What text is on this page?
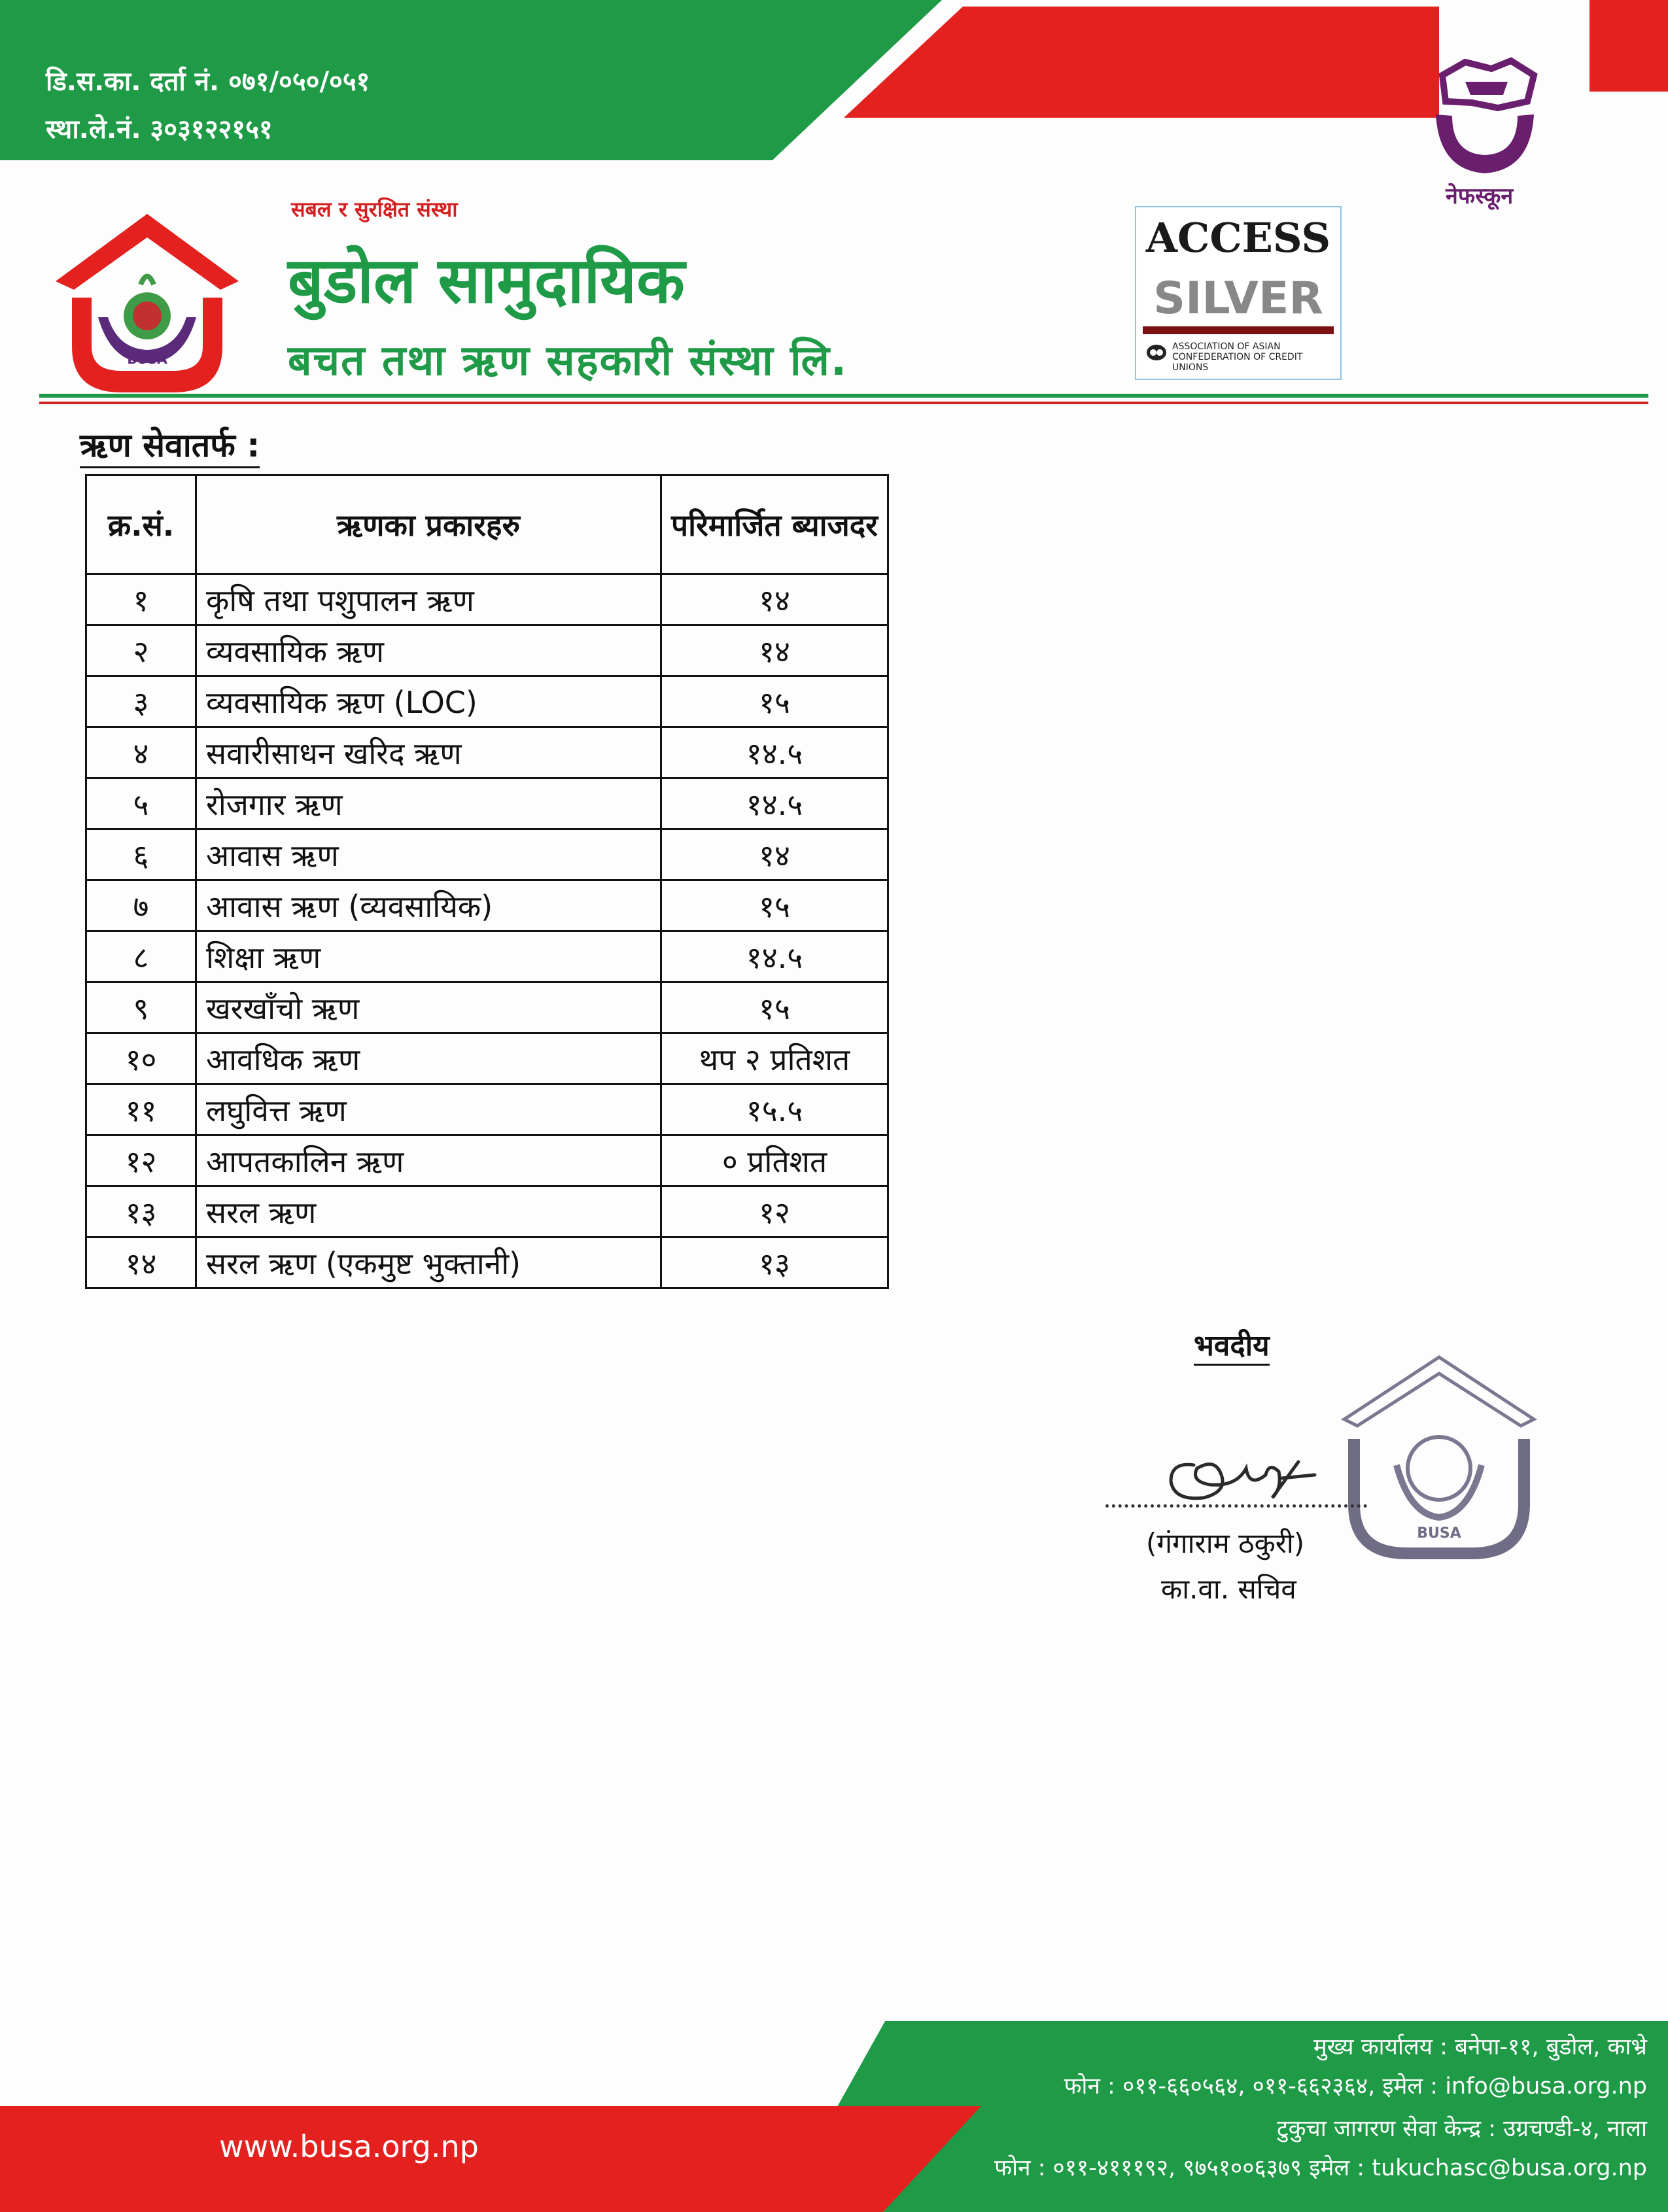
डि.स.का. दर्ता नं. ०७१/०५०/०५१
स्था.ले.नं. ३०३१२२१५१
BUSA
सबल र सुरक्षित संस्था
बुडोल सामुदायिक
बचत तथा ऋण सहकारी संस्था लि.
ACCESS
SILVER
ASSOCIATION OF ASIAN CONFEDERATION OF CREDIT UNIONS
नेफस्कून
ऋण सेवातर्फ :
क्र.सं.	ऋणका प्रकारहरु	परिमार्जित ब्याजदर
१	कृषि तथा पशुपालन ऋण	१४
२	व्यवसायिक ऋण	१४
३	व्यवसायिक ऋण (LOC)	१५
४	सवारीसाधन खरिद ऋण	१४.५
५	रोजगार ऋण	१४.५
६	आवास ऋण	१४
७	आवास ऋण (व्यवसायिक)	१५
८	शिक्षा ऋण	१४.५
९	खरखाँचो ऋण	१५
१०	आवधिक ऋण	थप २ प्रतिशत
११	लघुवित्त ऋण	१५.५
१२	आपतकालिन ऋण	० प्रतिशत
१३	सरल ऋण	१२
१४	सरल ऋण (एकमुष्ट भुक्तानी)	१३
भवदीय
BUSA
(गंगाराम ठकुरी)
का.वा. सचिव
www.busa.org.np
मुख्य कार्यालय : बनेपा-११, बुडोल, काभ्रे
फोन : ०११-६६०५६४, ०११-६६२३६४, इमेल : info@busa.org.np
टुकुचा जागरण सेवा केन्द्र : उग्रचण्डी-४, नाला
फोन : ०११-४१११९२, ९७५१००६३७९ इमेल : tukuchasc@busa.org.np
